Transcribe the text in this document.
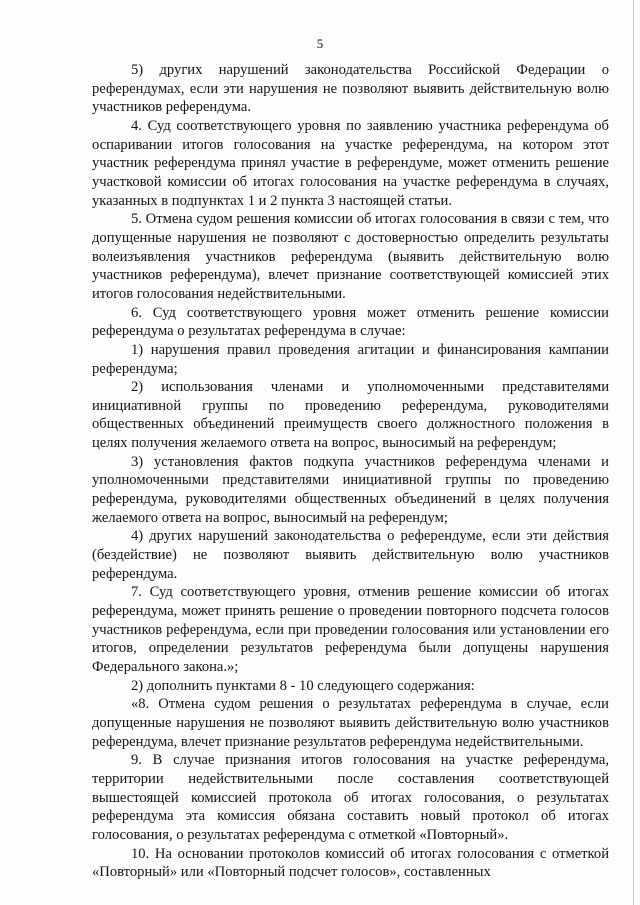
5

5) других нарушений законодательства Российской Федерации о референдумах, если эти нарушения не позволяют выявить действительную волю участников референдума.

4. Суд соответствующего уровня по заявлению участника референдума об оспаривании итогов голосования на участке референдума, на котором этот участник референдума принял участие в референдуме, может отменить решение участковой комиссии об итогах голосования на участке референдума в случаях, указанных в подпунктах 1 и 2 пункта 3 настоящей статьи.

5. Отмена судом решения комиссии об итогах голосования в связи с тем, что допущенные нарушения не позволяют с достоверностью определить результаты волеизъявления участников референдума (выявить действительную волю участников референдума), влечет признание соответствующей комиссией этих итогов голосования недействительными.

6. Суд соответствующего уровня может отменить решение комиссии референдума о результатах референдума в случае:

1) нарушения правил проведения агитации и финансирования кампании референдума;

2) использования членами и уполномоченными представителями инициативной группы по проведению референдума, руководителями общественных объединений преимуществ своего должностного положения в целях получения желаемого ответа на вопрос, выносимый на референдум;

3) установления фактов подкупа участников референдума членами и уполномоченными представителями инициативной группы по проведению референдума, руководителями общественных объединений в целях получения желаемого ответа на вопрос, выносимый на референдум;

4) других нарушений законодательства о референдуме, если эти действия (бездействие) не позволяют выявить действительную волю участников референдума.

7. Суд соответствующего уровня, отменив решение комиссии об итогах референдума, может принять решение о проведении повторного подсчета голосов участников референдума, если при проведении голосования или установлении его итогов, определении результатов референдума были допущены нарушения Федерального закона.»;

2) дополнить пунктами 8 - 10 следующего содержания:

«8. Отмена судом решения о результатах референдума в случае, если допущенные нарушения не позволяют выявить действительную волю участников референдума, влечет признание результатов референдума недействительными.

9. В случае признания итогов голосования на участке референдума, территории недействительными после составления соответствующей вышестоящей комиссией протокола об итогах голосования, о результатах референдума эта комиссия обязана составить новый протокол об итогах голосования, о результатах референдума с отметкой «Повторный».

10. На основании протоколов комиссий об итогах голосования с отметкой «Повторный» или «Повторный подсчет голосов», составленных
